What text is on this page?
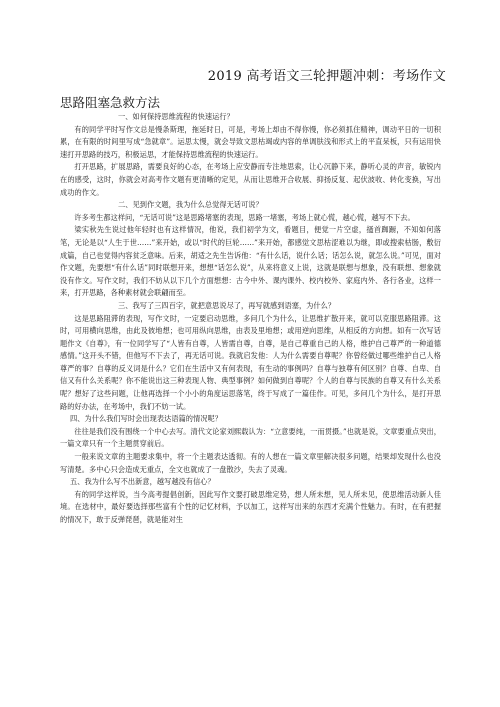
2019 高考语文三轮押题冲刺：考场作文
思路阻塞急救方法

一、如何保持思维流程的快速运行？

有的同学平时写作文总是慢条斯理，拖延时日，可是，考场上却由不得你慢，你必须抓住精神，调动平日的一切积累，在有限的时间里写成“急就章”。运思太慢，就会导致文思枯竭或内容的单调肤浅和形式上的平直呆板，只有运用快速打开思路的技巧，积极运思，才能保持思维流程的快速运行。

打开思路，扩展思路，需要良好的心态，在考场上应安静而专注地思索，让心沉静下来，静听心灵的声音，敏锐内在的感受，这时，你就会对高考作文题有更清晰的定见，从而让思维开合收展、抑扬反复、起伏波收、转化变换，写出成功的作文。

二、见到作文题，我为什么总觉得无话可说？

许多考生都这样问，“无话可说”这是思路堵塞的表现，思路一堵塞，考场上就心慌，越心慌，越写不下去。

梁实秋先生说过他年轻时也有这样情况，他说，我们初学为文，看题目，便觉一片空虚，搔首踟蹰，不知如何落笔，无论是以“人生于世……”来开始，或以“时代的巨轮……”来开始，都感觉文思枯涩难以为继，即或搜索枯肠，敷衍成篇，自己也觉得内容贫乏意味。后来，胡适之先生告诉他：“有什么话，说什么话；话怎么说，就怎么说。”可见，面对作文题，先要想“有什么话”同时联想开来，想想“话怎么说”，从来将意义上说，这就是联想与想象，没有联想、想象就没有作文。写作文时，我们不妨从以下几个方面想想：古今中外、课内课外、校内校外、家庭内外、各行各业，这样一来，打开思路，各种素材就会联翩而至。

三、我写了三四百字，就把意思说尽了，再写就感到语塞，为什么？

这是思路阻滞的表现，写作文时，一定要启动思维，多问几个为什么，让思维扩散开来，就可以克服思路阻滞。这时，可用横向思维，由此及彼地想；也可用纵向思维，由表及里地想；或用逆向思维，从相反的方向想。如有一次写话题作文《自尊》，有一位同学写了“人皆有自尊，人皆需自尊，自尊，是自己尊重自己的人格，维护自己尊严的一种道德感情。”这开头不错，但他写不下去了，再无话可说。我就启发他：人为什么需要自尊呢？你曾经做过哪些维护自己人格尊严的事？自尊的反义词是什么？它们在生活中又有何表现，有生动的事例吗？自尊与独尊有何区别？自尊、自卑、自信又有什么关系呢？你不能说出这三种表现人物、典型事例？如何做到自尊呢？个人的自尊与民族的自尊又有什么关系呢？想好了这些问题，让他再选择一个小小的角度运思落笔，终于写成了一篇佳作。可见，多问几个为什么，是打开思路的好办法，在考场中，我们不妨一试。

四、为什么我们写时会出现表达语篇的情况呢？

往往是我们没有围绕一个中心去写。清代文论家刘熙载认为：“立意要纯，一而贯摄。”也就是说，文章要重点突出，一篇文章只有一个主题贯穿前后。

一般来说文章的主题要求集中，将一个主题表达透彻。有的人想在一篇文章里解决很多问题，结果却发现什么也没写清楚。多中心只会造成无重点，全文也就成了一盘散沙，失去了灵魂。

五、我为什么写不出新意，越写越没有信心？

有的同学这样说，当今高考提倡创新，因此写作文要打破思维定势，想人所未想，见人所未见，使思维活动新人佳境。在选材中，最好要选择那些富有个性的记忆材料，予以加工，这样写出来的东西才充满个性魅力。有时，在有把握的情况下，敢于反弹琵琶，就是能对生
